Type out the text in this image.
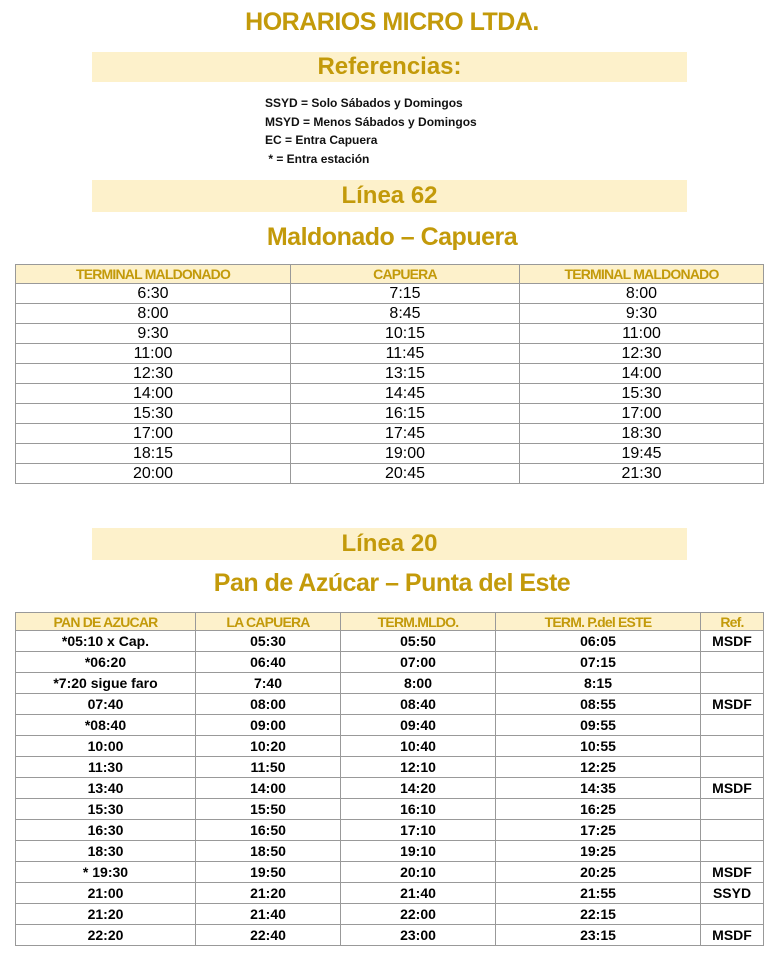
HORARIOS MICRO LTDA.
Referencias:
SSYD = Solo Sábados y Domingos
MSYD = Menos Sábados y Domingos
EC = Entra Capuera
* = Entra estación
Línea 62
Maldonado – Capuera
TERMINAL MALDONADO	CAPUERA	TERMINAL MALDONADO
6:30	7:15	8:00
8:00	8:45	9:30
9:30	10:15	11:00
11:00	11:45	12:30
12:30	13:15	14:00
14:00	14:45	15:30
15:30	16:15	17:00
17:00	17:45	18:30
18:15	19:00	19:45
20:00	20:45	21:30
Línea 20
Pan de Azúcar – Punta del Este
PAN DE AZUCAR	LA CAPUERA	TERM.MLDO.	TERM. P.del ESTE	Ref.
*05:10 x Cap.	05:30	05:50	06:05	MSDF
*06:20	06:40	07:00	07:15	
*7:20 sigue faro	7:40	8:00	8:15	
07:40	08:00	08:40	08:55	MSDF
*08:40	09:00	09:40	09:55	
10:00	10:20	10:40	10:55	
11:30	11:50	12:10	12:25	
13:40	14:00	14:20	14:35	MSDF
15:30	15:50	16:10	16:25	
16:30	16:50	17:10	17:25	
18:30	18:50	19:10	19:25	
* 19:30	19:50	20:10	20:25	MSDF
21:00	21:20	21:40	21:55	SSYD
21:20	21:40	22:00	22:15	
22:20	22:40	23:00	23:15	MSDF
